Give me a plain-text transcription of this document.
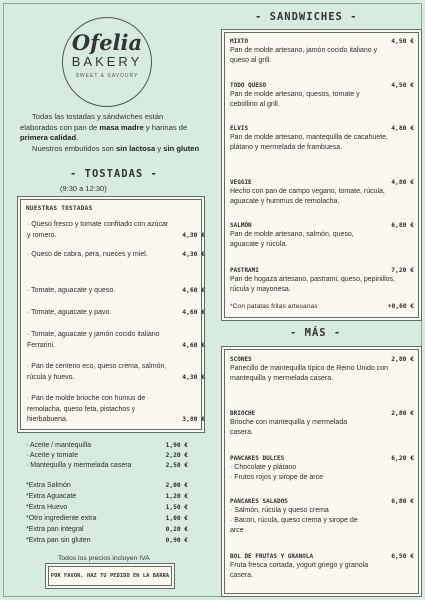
Ofelia
BAKERY
SWEET & SAVOURY

Todas las tostadas y sándwiches están elaborados con pan de masa madre y harinas de primera calidad.

Nuestros embutidos son sin lactosa y sin gluten

- TOSTADAS -
(9:30 a 12:30)
NUESTRAS TOSTADAS
· Queso fresco y tomate confitado con azúcar y romero.	4,30 €
· Queso de cabra, pera, nueces y miel.	4,30 €
· Tomate, aguacate y queso.	4,60 €
· Tomate, aguacate y pavo.	4,60 €
· Tomate, aguacate y jamón cocido italiano Ferrarini.	4,60 €
· Pan de centeno eco, queso crema, salmón, rúcula y huevo.	4,30 €
· Pan de molde brioche con humus de remolacha, queso feta, pistachos y hierbabuena.	3,80 €
· Aceite / mantequilla	1,90 €
· Aceite y tomate	2,20 €
· Mantequilla y mermelada casera	2,50 €
*Extra Salmón	2,00 €
*Extra Aguacate	1,20 €
*Extra Huevo	1,50 €
*Otro ingrediente extra	1,00 €
*Extra pan integral	0,20 €
*Extra pan sin gluten	0,90 €
Todos los precios incluyen IVA
POR FAVOR, HAZ TU PEDIDO EN LA BARRA
- SANDWICHES -
MIXTO
Pan de molde artesano, jamón cocido italiano y queso al grill.
4,50 €
TODO QUESO
Pan de molde artesano, quesos, tomate y cebollino al grill.
4,50 €
ELVIS
Pan de molde artesano, mantequilla de cacahuete, plátano y mermelada de frambuesa.
4,80 €
VEGGIE
Hecho con pan de campo vegano, tomate, rúcula, aguacate y hummus de remolacha.
4,80 €
SALMÓN
Pan de molde artesano, salmón, queso, aguacate y rúcula.
6,80 €
PASTRAMI
Pan de hogaza artesano, pastrami, queso, pepinillos, rúcula y mayonesa.
7,20 €
*Con patatas fritas artesanas	+0,60 €
- MÁS -
SCONES
Panecillo de mantequilla típico de Reino Unido con mantequilla y mermelada casera.
2,80 €
BRIOCHE
Brioche con mantequilla y mermelada casera.
2,80 €
PANCAKES DULCES
· Chocolate y plátano
· Frutos rojos y sirope de arce
6,20 €
PANCAKES SALADOS
· Salmón, rúcula y queso crema
· Bacon, rúcula, queso crema y sirope de arce
6,80 €
BOL DE FRUTAS Y GRANOLA
Fruta fresca cortada, yogurt griego y granola casera.
6,50 €
